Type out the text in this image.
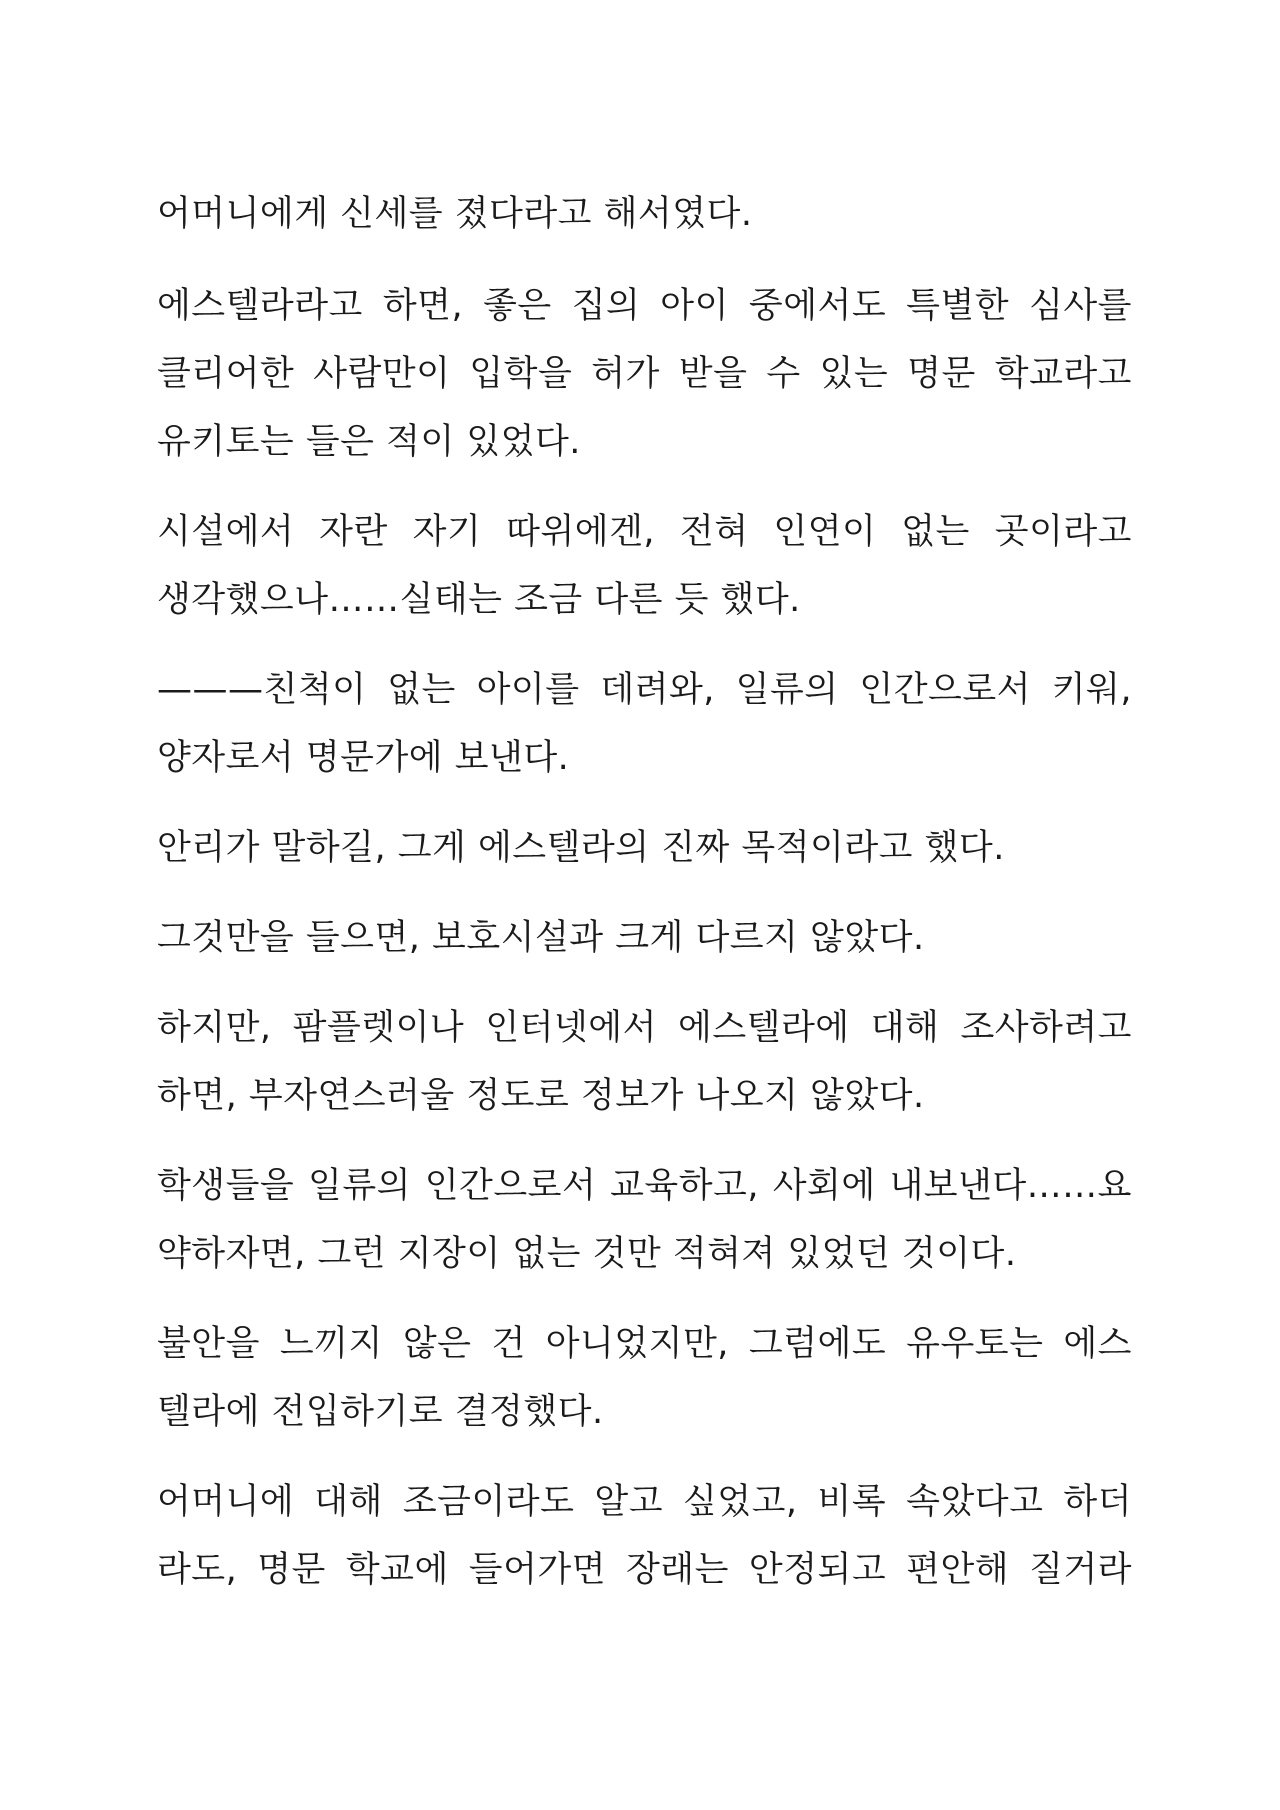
어머니에게 신세를 졌다라고 해서였다.
에스텔라라고 하면, 좋은 집의 아이 중에서도 특별한 심사를
클리어한 사람만이 입학을 허가 받을 수 있는 명문 학교라고
유키토는 들은 적이 있었다.
시설에서 자란 자기 따위에겐, 전혀 인연이 없는 곳이라고
생각했으나……실태는 조금 다른 듯 했다.
———친척이 없는 아이를 데려와, 일류의 인간으로서 키워,
양자로서 명문가에 보낸다.
안리가 말하길, 그게 에스텔라의 진짜 목적이라고 했다.
그것만을 들으면, 보호시설과 크게 다르지 않았다.
하지만, 팜플렛이나 인터넷에서 에스텔라에 대해 조사하려고
하면, 부자연스러울 정도로 정보가 나오지 않았다.
학생들을 일류의 인간으로서 교육하고, 사회에 내보낸다……요
약하자면, 그런 지장이 없는 것만 적혀져 있었던 것이다.
불안을 느끼지 않은 건 아니었지만, 그럼에도 유우토는 에스
텔라에 전입하기로 결정했다.
어머니에 대해 조금이라도 알고 싶었고, 비록 속았다고 하더
라도, 명문 학교에 들어가면 장래는 안정되고 편안해 질거라
